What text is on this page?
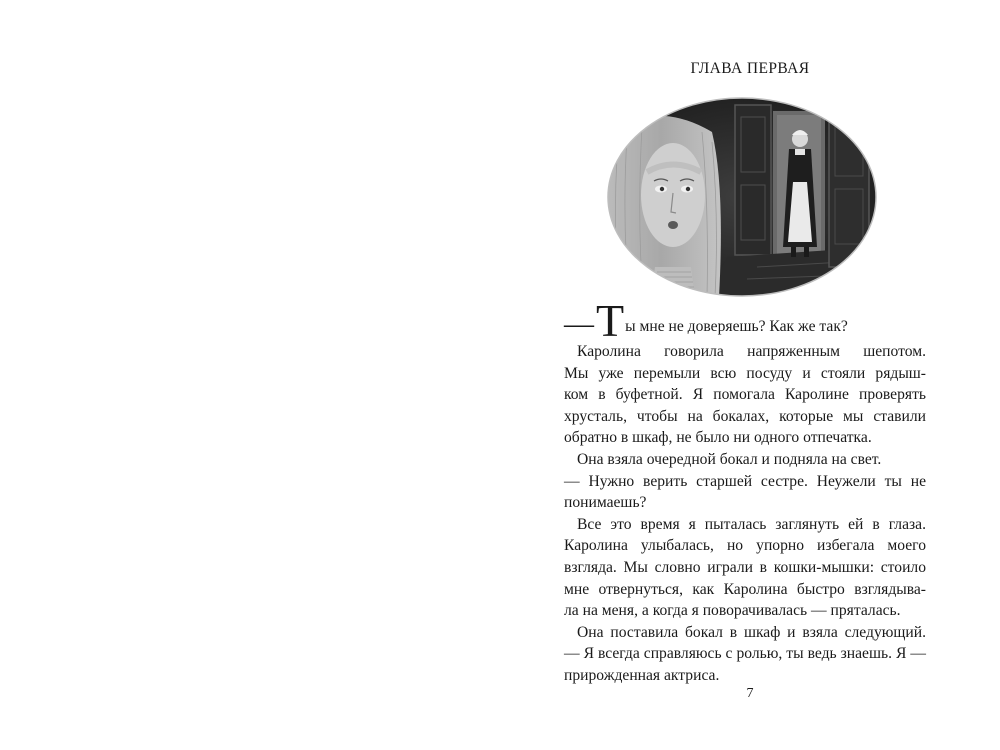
ГЛАВА ПЕРВАЯ
— Т ы мне не доверяешь? Как же так?
Каролина говорила напряженным шепотом.
Мы уже перемыли всю посуду и стояли рядыш-
ком в буфетной. Я помогала Каролине проверять
хрусталь, чтобы на бокалах, которые мы ставили
обратно в шкаф, не было ни одного отпечатка.
Она взяла очередной бокал и подняла на свет.
— Нужно верить старшей сестре. Неужели ты не
понимаешь?
Все это время я пыталась заглянуть ей в глаза.
Каролина улыбалась, но упорно избегала моего
взгляда. Мы словно играли в кошки-мышки: стоило
мне отвернуться, как Каролина быстро взглядыва-
ла на меня, а когда я поворачивалась — пряталась.
Она поставила бокал в шкаф и взяла следующий.
— Я всегда справляюсь с ролью, ты ведь знаешь. Я —
прирожденная актриса.
7
